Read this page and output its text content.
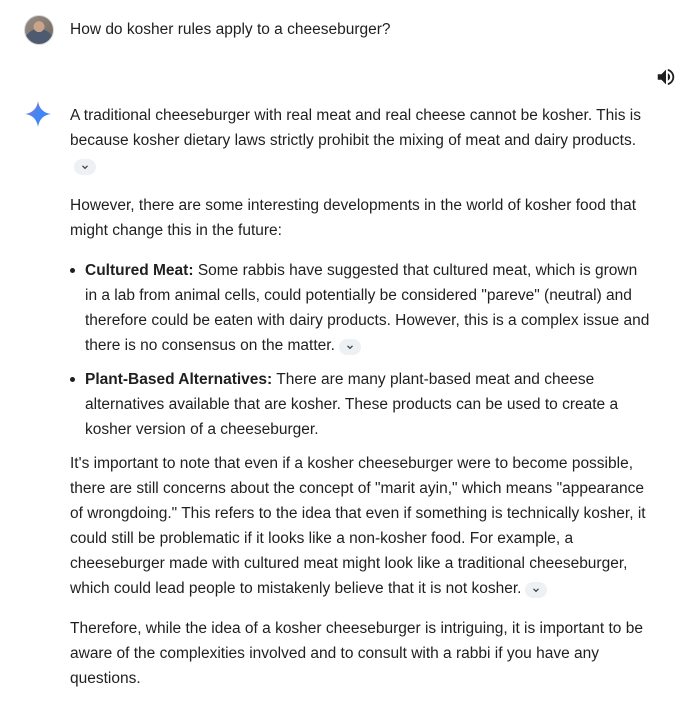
How do kosher rules apply to a cheeseburger?

A traditional cheeseburger with real meat and real cheese cannot be kosher. This is because kosher dietary laws strictly prohibit the mixing of meat and dairy products.

However, there are some interesting developments in the world of kosher food that might change this in the future:

Cultured Meat: Some rabbis have suggested that cultured meat, which is grown in a lab from animal cells, could potentially be considered "pareve" (neutral) and therefore could be eaten with dairy products. However, this is a complex issue and there is no consensus on the matter.
Plant-Based Alternatives: There are many plant-based meat and cheese alternatives available that are kosher. These products can be used to create a kosher version of a cheeseburger.

It's important to note that even if a kosher cheeseburger were to become possible, there are still concerns about the concept of "marit ayin," which means "appearance of wrongdoing." This refers to the idea that even if something is technically kosher, it could still be problematic if it looks like a non-kosher food. For example, a cheeseburger made with cultured meat might look like a traditional cheeseburger, which could lead people to mistakenly believe that it is not kosher.

Therefore, while the idea of a kosher cheeseburger is intriguing, it is important to be aware of the complexities involved and to consult with a rabbi if you have any questions.
